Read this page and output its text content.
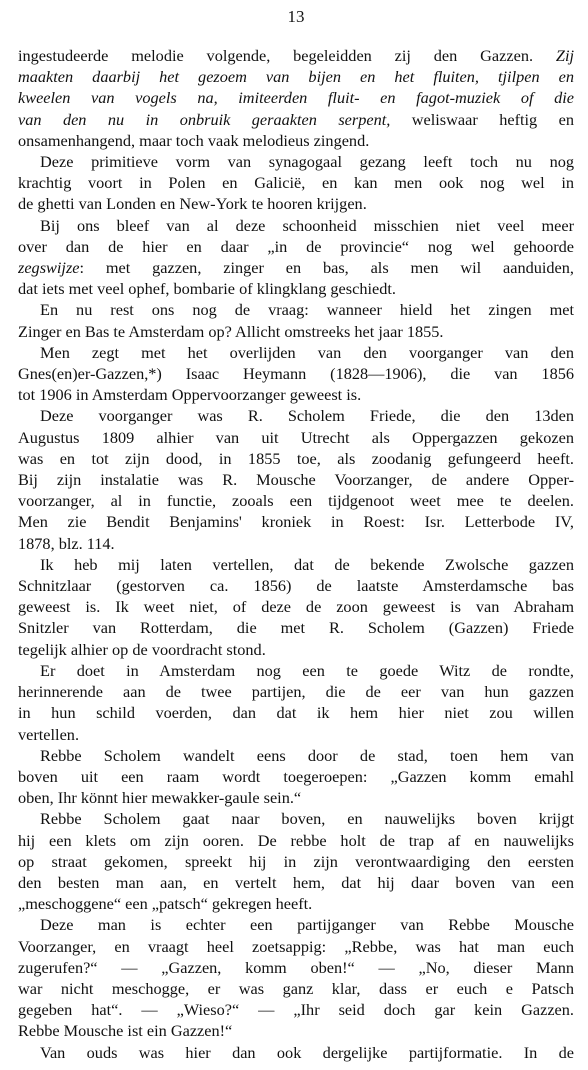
13
ingestudeerde melodie volgende, begeleidden zij den Gazzen. Zij
maakten daarbij het gezoem van bijen en het fluiten, tjilpen en
kweelen van vogels na, imiteerden fluit- en fagot-muziek of die
van den nu in onbruik geraakten serpent, weliswaar heftig en
onsamenhangend, maar toch vaak melodieus zingend.
Deze primitieve vorm van synagogaal gezang leeft toch nu nog
krachtig voort in Polen en Galicië, en kan men ook nog wel in
de ghetti van Londen en New-York te hooren krijgen.
Bij ons bleef van al deze schoonheid misschien niet veel meer
over dan de hier en daar „in de provincie“ nog wel gehoorde
zegswijze: met gazzen, zinger en bas, als men wil aanduiden,
dat iets met veel ophef, bombarie of klingklang geschiedt.
En nu rest ons nog de vraag: wanneer hield het zingen met
Zinger en Bas te Amsterdam op? Allicht omstreeks het jaar 1855.
Men zegt met het overlijden van den voorganger van den
Gnes(en)er-Gazzen,*) Isaac Heymann (1828—1906), die van 1856
tot 1906 in Amsterdam Oppervoorzanger geweest is.
Deze voorganger was R. Scholem Friede, die den 13den
Augustus 1809 alhier van uit Utrecht als Oppergazzen gekozen
was en tot zijn dood, in 1855 toe, als zoodanig gefungeerd heeft.
Bij zijn instalatie was R. Mousche Voorzanger, de andere Opper-
voorzanger, al in functie, zooals een tijdgenoot weet mee te deelen.
Men zie Bendit Benjamins' kroniek in Roest: Isr. Letterbode IV,
1878, blz. 114.
Ik heb mij laten vertellen, dat de bekende Zwolsche gazzen
Schnitzlaar (gestorven ca. 1856) de laatste Amsterdamsche bas
geweest is. Ik weet niet, of deze de zoon geweest is van Abraham
Snitzler van Rotterdam, die met R. Scholem (Gazzen) Friede
tegelijk alhier op de voordracht stond.
Er doet in Amsterdam nog een te goede Witz de rondte,
herinnerende aan de twee partijen, die de eer van hun gazzen
in hun schild voerden, dan dat ik hem hier niet zou willen
vertellen.
Rebbe Scholem wandelt eens door de stad, toen hem van
boven uit een raam wordt toegeroepen: „Gazzen komm emahl
oben, Ihr könnt hier mewakker-gaule sein.“
Rebbe Scholem gaat naar boven, en nauwelijks boven krijgt
hij een klets om zijn ooren. De rebbe holt de trap af en nauwelijks
op straat gekomen, spreekt hij in zijn verontwaardiging den eersten
den besten man aan, en vertelt hem, dat hij daar boven van een
„meschoggene“ een „patsch“ gekregen heeft.
Deze man is echter een partijganger van Rebbe Mousche
Voorzanger, en vraagt heel zoetsappig: „Rebbe, was hat man euch
zugerufen?“ — „Gazzen, komm oben!“ — „No, dieser Mann
war nicht meschogge, er was ganz klar, dass er euch e Patsch
gegeben hat“. — „Wieso?“ — „Ihr seid doch gar kein Gazzen.
Rebbe Mousche ist ein Gazzen!“
Van ouds was hier dan ook dergelijke partijformatie. In de
